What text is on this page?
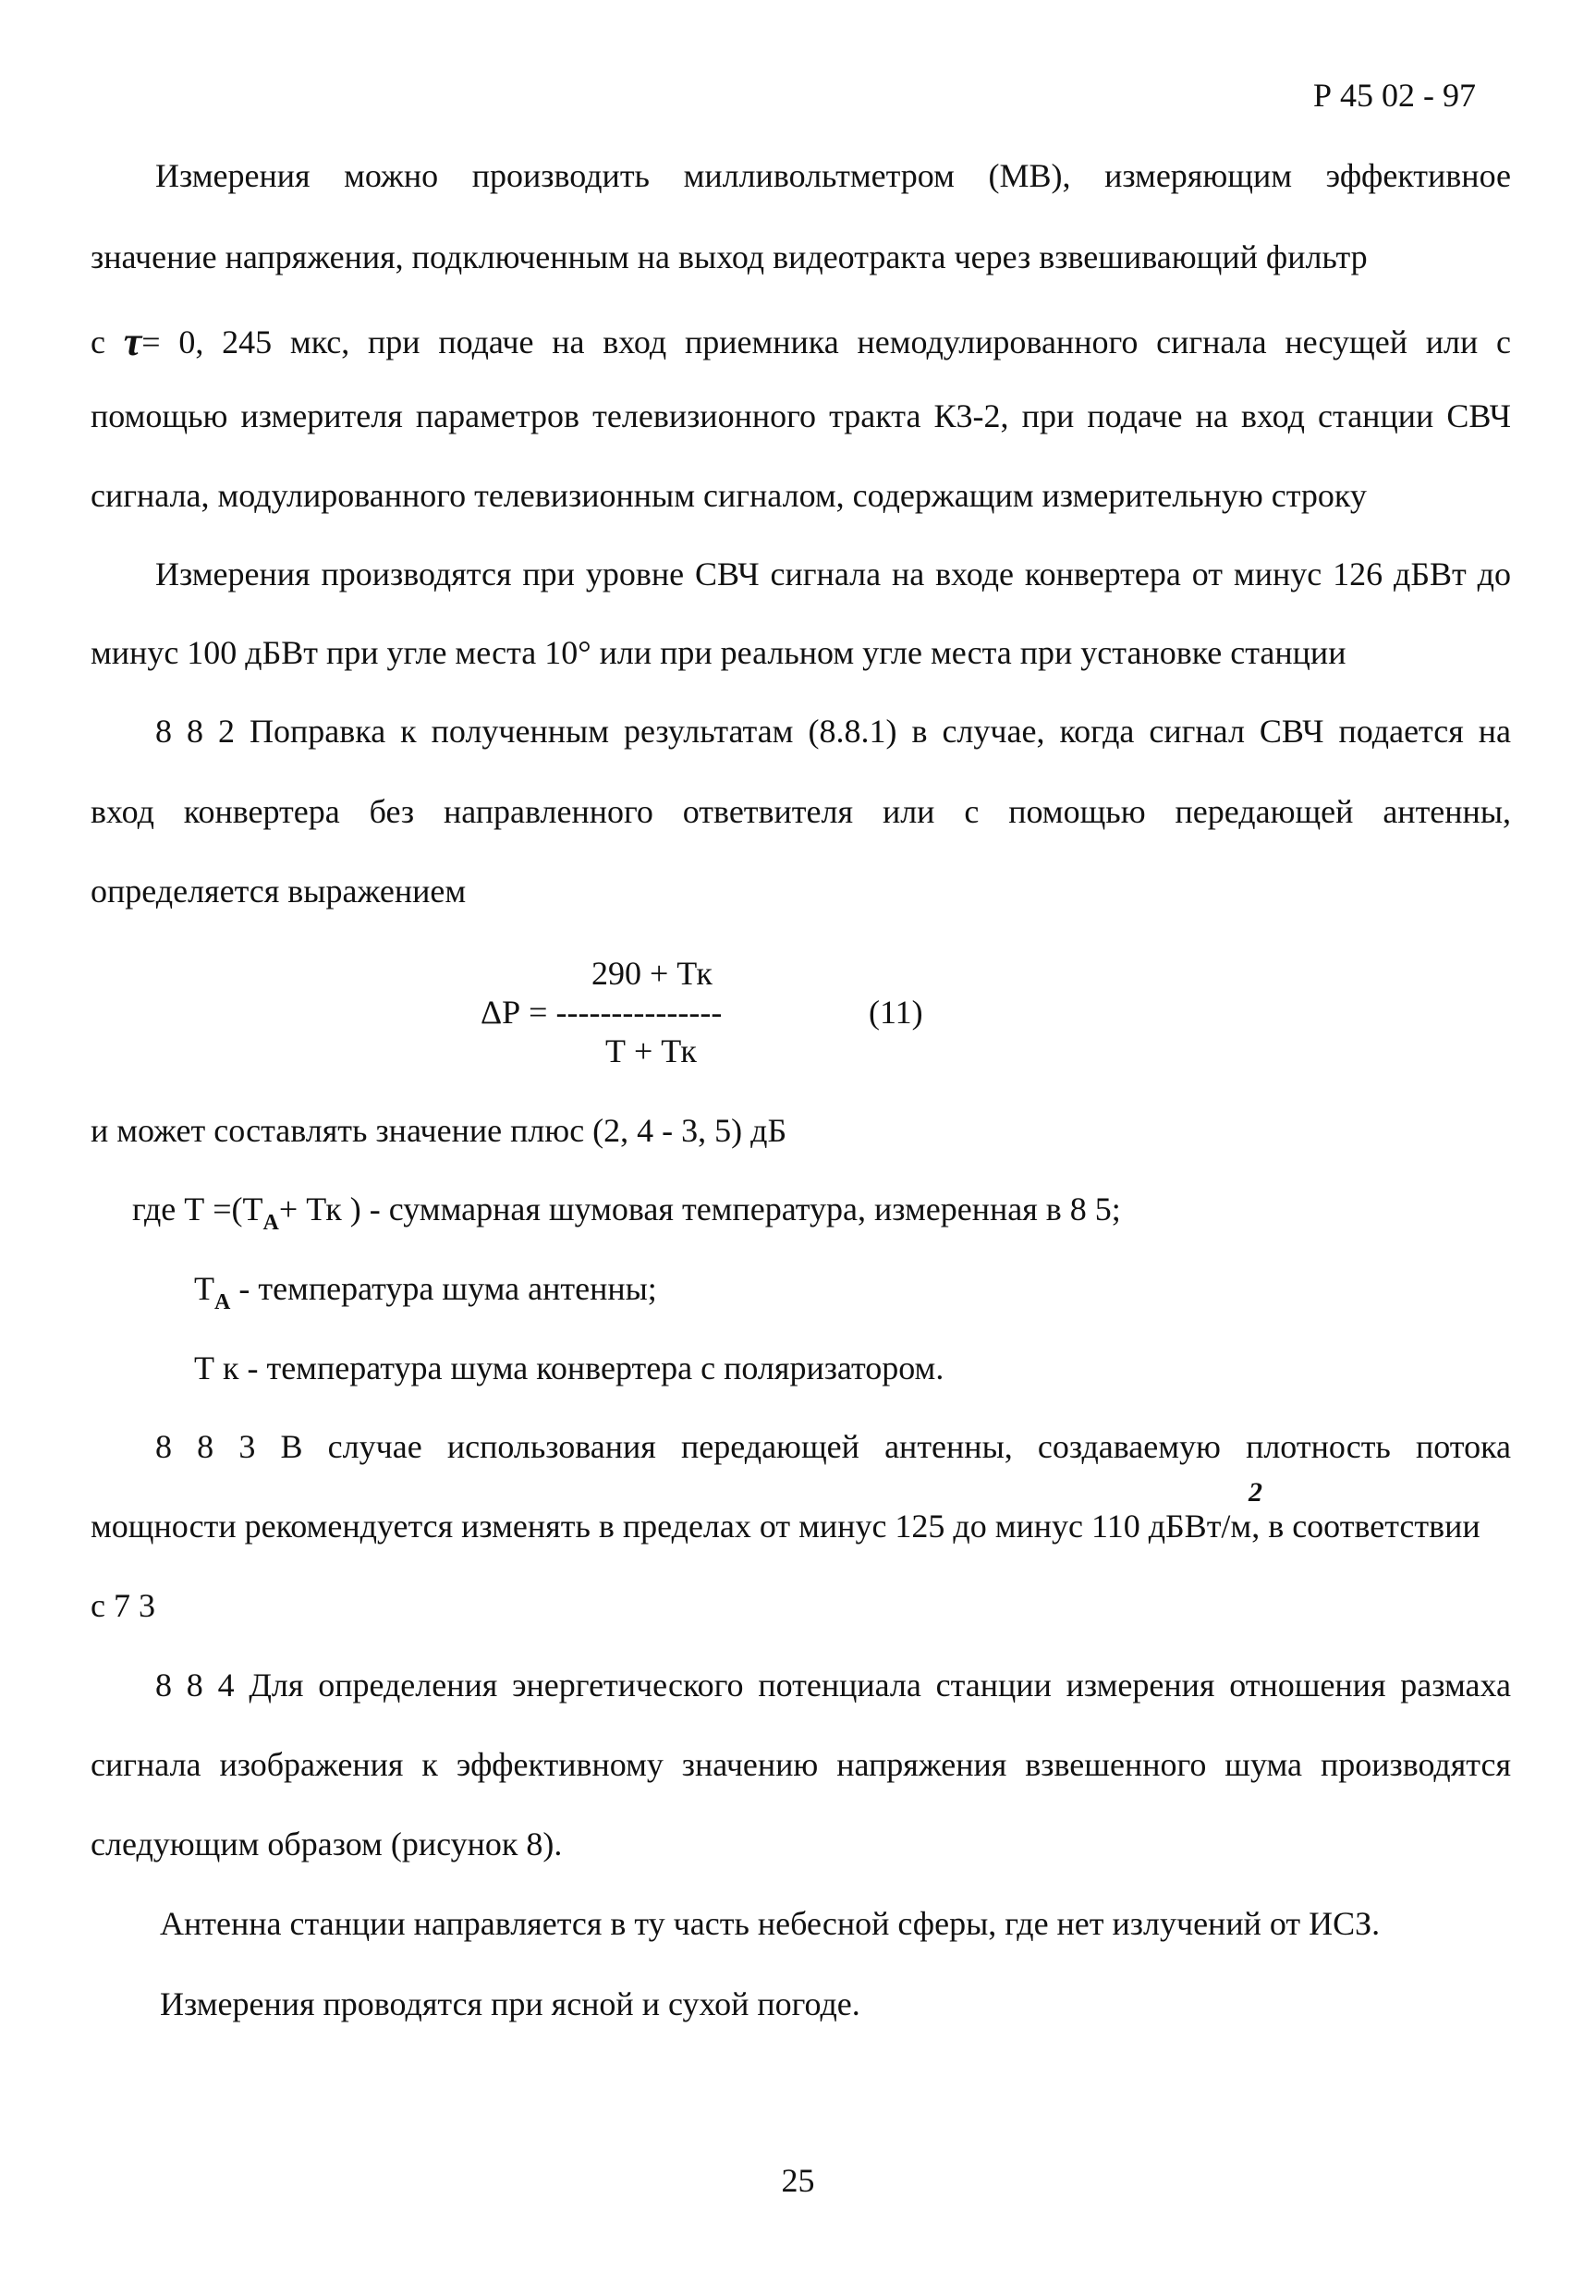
Р 45 02 - 97
Измерения можно производить милливольтметром (МВ), измеряющим эффективное
значение напряжения, подключенным на выход видеотракта через взвешивающий фильтр
с τ= 0, 245 мкс, при подаче на вход приемника немодулированного сигнала несущей или с
помощью измерителя параметров телевизионного тракта К3-2, при подаче на вход станции СВЧ
сигнала, модулированного телевизионным сигналом, содержащим измерительную строку
Измерения производятся при уровне СВЧ сигнала на входе конвертера от минус 126 дБВт до
минус 100 дБВт при угле места 10° или при реальном угле места при установке станции
8 8 2 Поправка к полученным результатам (8.8.1) в случае, когда сигнал СВЧ подается на
вход конвертера без направленного ответвителя или с помощью передающей антенны,
определяется выражением
290 + Тк
ΔР = ---------------
Т + Тк
(11)
и может составлять значение плюс (2, 4 - 3, 5) дБ
где $Т =(Т_А+$ Тк ) - суммарная шумовая температура, измеренная в 8 5;
$Т_А$ - температура шума антенны;
Т к - температура шума конвертера с поляризатором.
8 8 3 В случае использования передающей антенны, создаваемую плотность потока
мощности рекомендуется изменять в пределах от минус 125 до минус 110 дБВт/м, в соответствии
2
с 7 3
8 8 4 Для определения энергетического потенциала станции измерения отношения размаха
сигнала изображения к эффективному значению напряжения взвешенного шума производятся
следующим образом (рисунок 8).
Антенна станции направляется в ту часть небесной сферы, где нет излучений от ИСЗ.
Измерения проводятся при ясной и сухой погоде.
25
